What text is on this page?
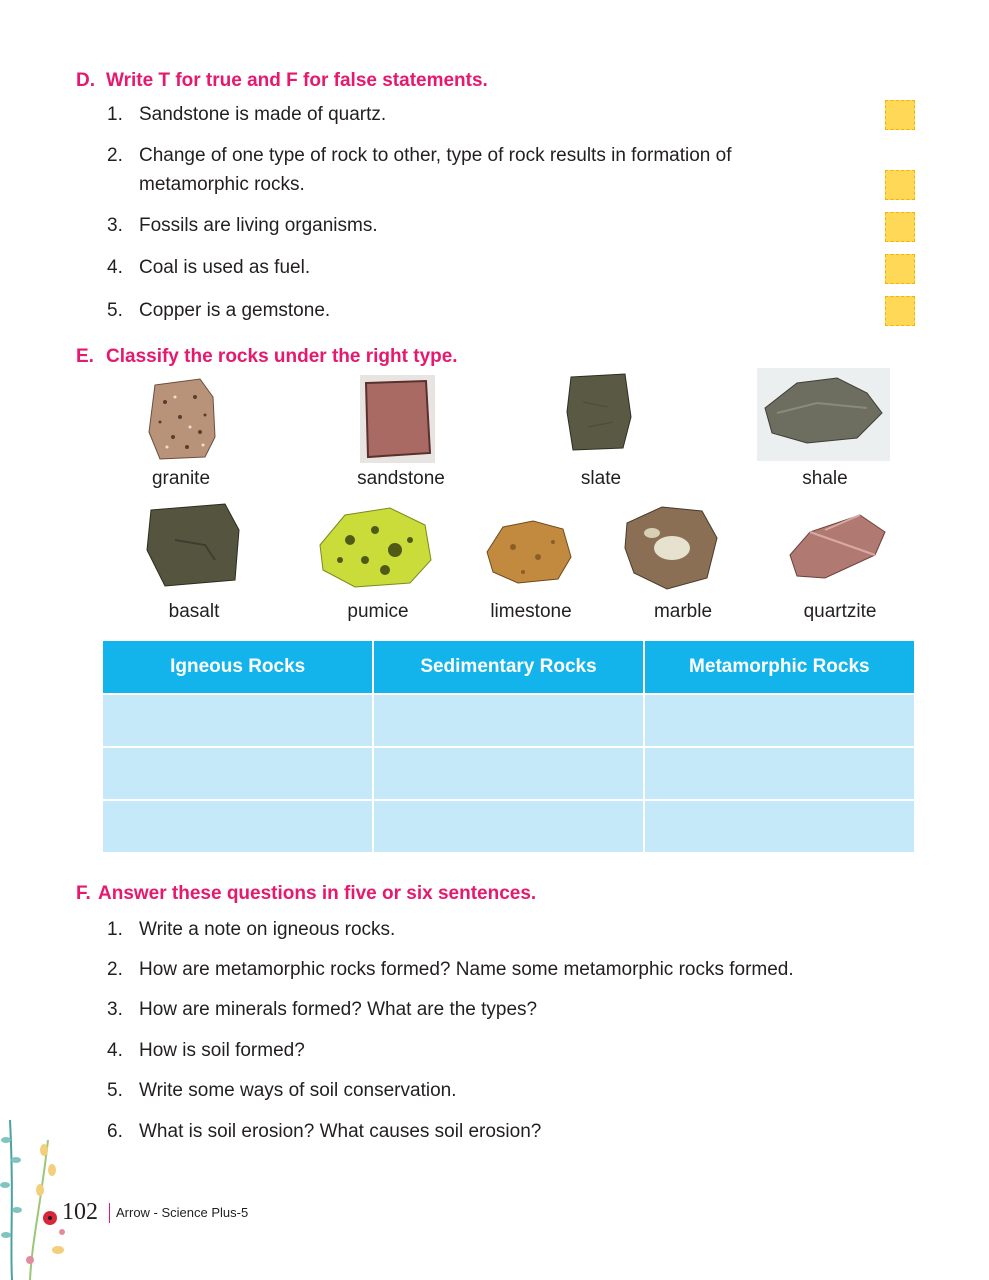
D. Write T for true and F for false statements.

1. Sandstone is made of quartz.
2. Change of one type of rock to other, type of rock results in formation of metamorphic rocks.
3. Fossils are living organisms.
4. Coal is used as fuel.
5. Copper is a gemstone.

E. Classify the rocks under the right type.

granite	sandstone	slate	shale
basalt	pumice	limestone	marble	quartzite
Igneous Rocks	Sedimentary Rocks	Metamorphic Rocks

F. Answer these questions in five or six sentences.

1. Write a note on igneous rocks.
2. How are metamorphic rocks formed? Name some metamorphic rocks formed.
3. How are minerals formed? What are the types?
4. How is soil formed?
5. Write some ways of soil conservation.
6. What is soil erosion? What causes soil erosion?
102 Arrow - Science Plus-5
